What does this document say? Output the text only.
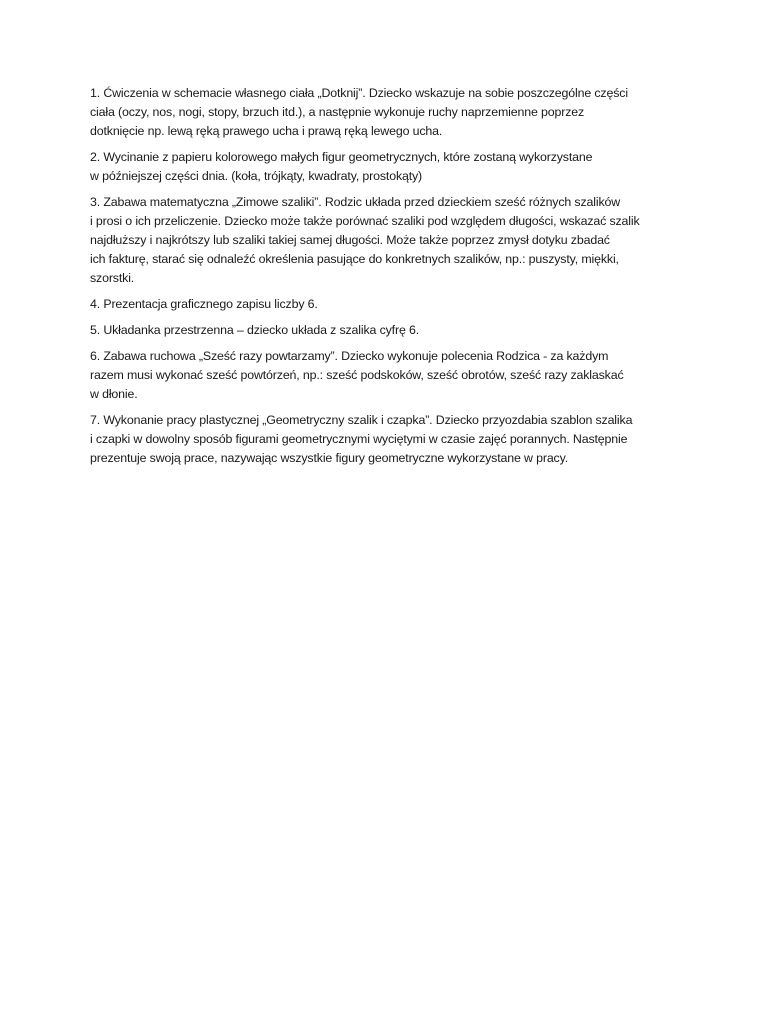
1. Ćwiczenia w schemacie własnego ciała „Dotknij”. Dziecko wskazuje na sobie poszczególne części
ciała (oczy, nos, nogi, stopy, brzuch itd.), a następnie wykonuje ruchy naprzemienne poprzez
dotknięcie np. lewą ręką prawego ucha i prawą ręką lewego ucha.

2. Wycinanie z papieru kolorowego małych figur geometrycznych, które zostaną wykorzystane
w późniejszej części dnia. (koła, trójkąty, kwadraty, prostokąty)

3. Zabawa matematyczna „Zimowe szaliki”. Rodzic układa przed dzieckiem sześć różnych szalików
i prosi o ich przeliczenie. Dziecko może także porównać szaliki pod względem długości, wskazać szalik
najdłuższy i najkrótszy lub szaliki takiej samej długości. Może także poprzez zmysł dotyku zbadać
ich fakturę, starać się odnaleźć określenia pasujące do konkretnych szalików, np.: puszysty, miękki,
szorstki.

4. Prezentacja graficznego zapisu liczby 6.

5. Układanka przestrzenna – dziecko układa z szalika cyfrę 6.

6. Zabawa ruchowa „Sześć razy powtarzamy”. Dziecko wykonuje polecenia Rodzica - za każdym
razem musi wykonać sześć powtórzeń, np.: sześć podskoków, sześć obrotów, sześć razy zaklaskać
w dłonie.

7. Wykonanie pracy plastycznej „Geometryczny szalik i czapka”. Dziecko przyozdabia szablon szalika
i czapki w dowolny sposób figurami geometrycznymi wyciętymi w czasie zajęć porannych. Następnie
prezentuje swoją prace, nazywając wszystkie figury geometryczne wykorzystane w pracy.
